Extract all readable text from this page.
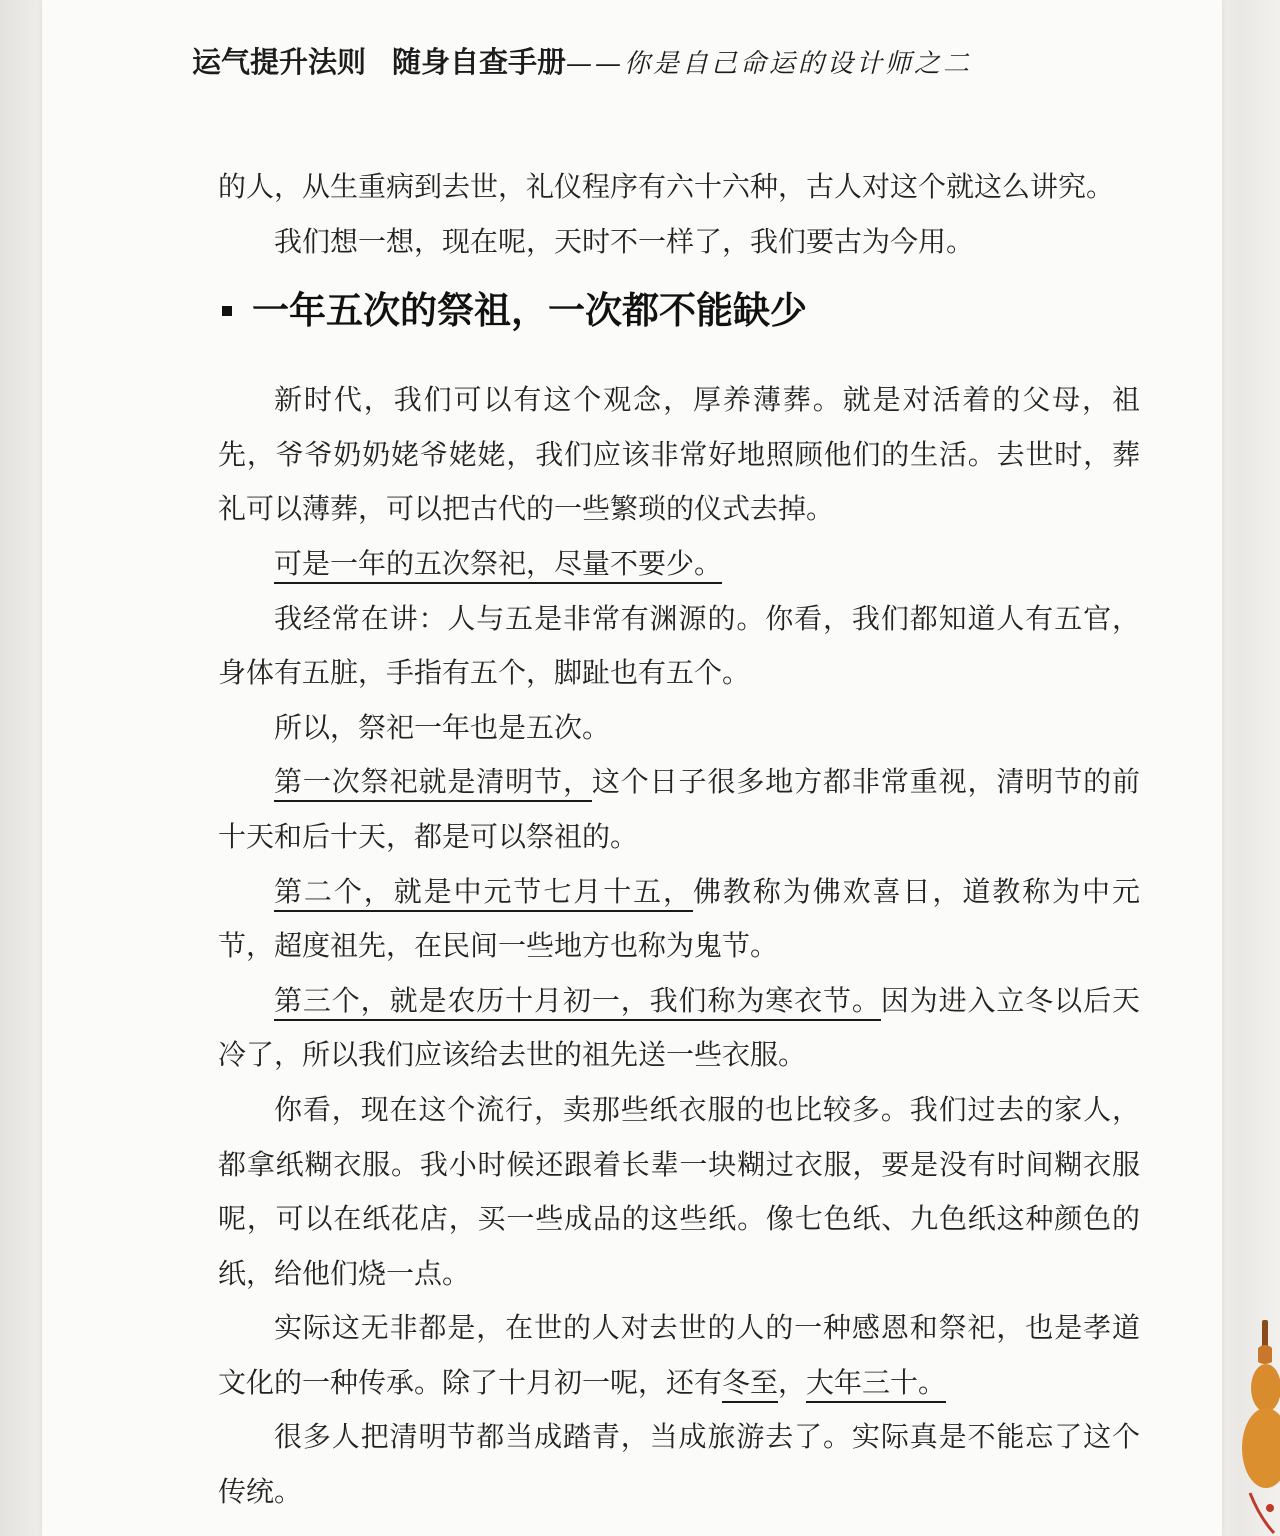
运气提升法则 随身自查手册——你是自己命运的设计师之二

的人，从生重病到去世，礼仪程序有六十六种，古人对这个就这么讲究。

我们想一想，现在呢，天时不一样了，我们要古为今用。

一年五次的祭祖，一次都不能缺少

新时代，我们可以有这个观念，厚养薄葬。就是对活着的父母，祖先，爷爷奶奶姥爷姥姥，我们应该非常好地照顾他们的生活。去世时，葬礼可以薄葬，可以把古代的一些繁琐的仪式去掉。

可是一年的五次祭祀，尽量不要少。

我经常在讲：人与五是非常有渊源的。你看，我们都知道人有五官，身体有五脏，手指有五个，脚趾也有五个。

所以，祭祀一年也是五次。

第一次祭祀就是清明节，这个日子很多地方都非常重视，清明节的前十天和后十天，都是可以祭祖的。

第二个，就是中元节七月十五，佛教称为佛欢喜日，道教称为中元节，超度祖先，在民间一些地方也称为鬼节。

第三个，就是农历十月初一，我们称为寒衣节。因为进入立冬以后天冷了，所以我们应该给去世的祖先送一些衣服。

你看，现在这个流行，卖那些纸衣服的也比较多。我们过去的家人，都拿纸糊衣服。我小时候还跟着长辈一块糊过衣服，要是没有时间糊衣服呢，可以在纸花店，买一些成品的这些纸。像七色纸、九色纸这种颜色的纸，给他们烧一点。

实际这无非都是，在世的人对去世的人的一种感恩和祭祀，也是孝道文化的一种传承。除了十月初一呢，还有冬至，大年三十。

很多人把清明节都当成踏青，当成旅游去了。实际真是不能忘了这个传统。
